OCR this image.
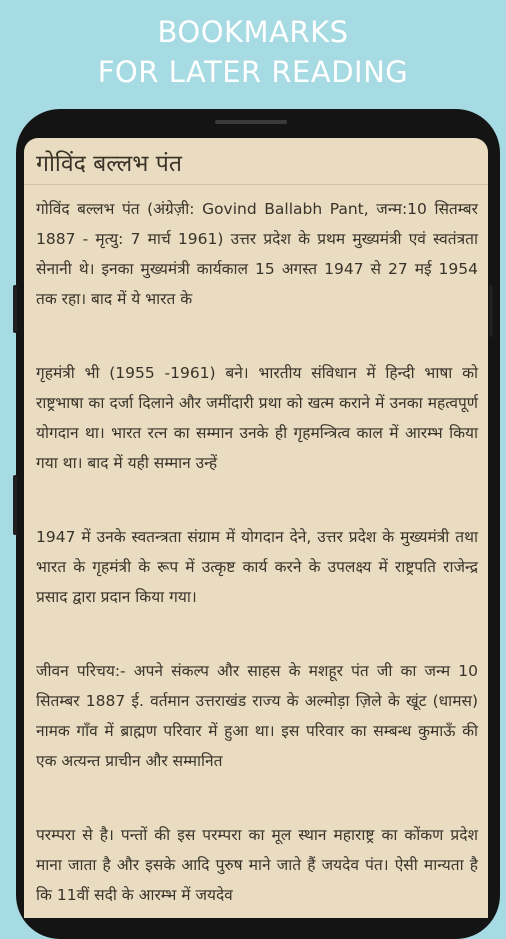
BOOKMARKS
FOR LATER READING
गोविंद बल्लभ पंत

गोविंद बल्लभ पंत (अंग्रेज़ी: Govind Ballabh Pant, जन्म:10 सितम्बर 1887 - मृत्यु: 7 मार्च 1961) उत्तर प्रदेश के प्रथम मुख्यमंत्री एवं स्वतंत्रता सेनानी थे। इनका मुख्यमंत्री कार्यकाल 15 अगस्त 1947 से 27 मई 1954 तक रहा। बाद में ये भारत के

गृहमंत्री भी (1955 -1961) बने। भारतीय संविधान में हिन्दी भाषा को राष्ट्रभाषा का दर्जा दिलाने और जमींदारी प्रथा को खत्म कराने में उनका महत्वपूर्ण योगदान था। भारत रत्न का सम्मान उनके ही गृहमन्त्रित्व काल में आरम्भ किया गया था। बाद में यही सम्मान उन्हें

1947 में उनके स्वतन्त्रता संग्राम में योगदान देने, उत्तर प्रदेश के मुख्यमंत्री तथा भारत के गृहमंत्री के रूप में उत्कृष्ट कार्य करने के उपलक्ष्य में राष्ट्रपति राजेन्द्र प्रसाद द्वारा प्रदान किया गया।

जीवन परिचय:- अपने संकल्प और साहस के मशहूर पंत जी का जन्म 10 सितम्बर 1887 ई. वर्तमान उत्तराखंड राज्य के अल्मोड़ा ज़िले के खूंट (धामस) नामक गाँव में ब्राह्मण परिवार में हुआ था। इस परिवार का सम्बन्ध कुमाऊँ की एक अत्यन्त प्राचीन और सम्मानित

परम्परा से है। पन्तों की इस परम्परा का मूल स्थान महाराष्ट्र का कोंकण प्रदेश माना जाता है और इसके आदि पुरुष माने जाते हैं जयदेव पंत। ऐसी मान्यता है कि 11वीं सदी के आरम्भ में जयदेव
